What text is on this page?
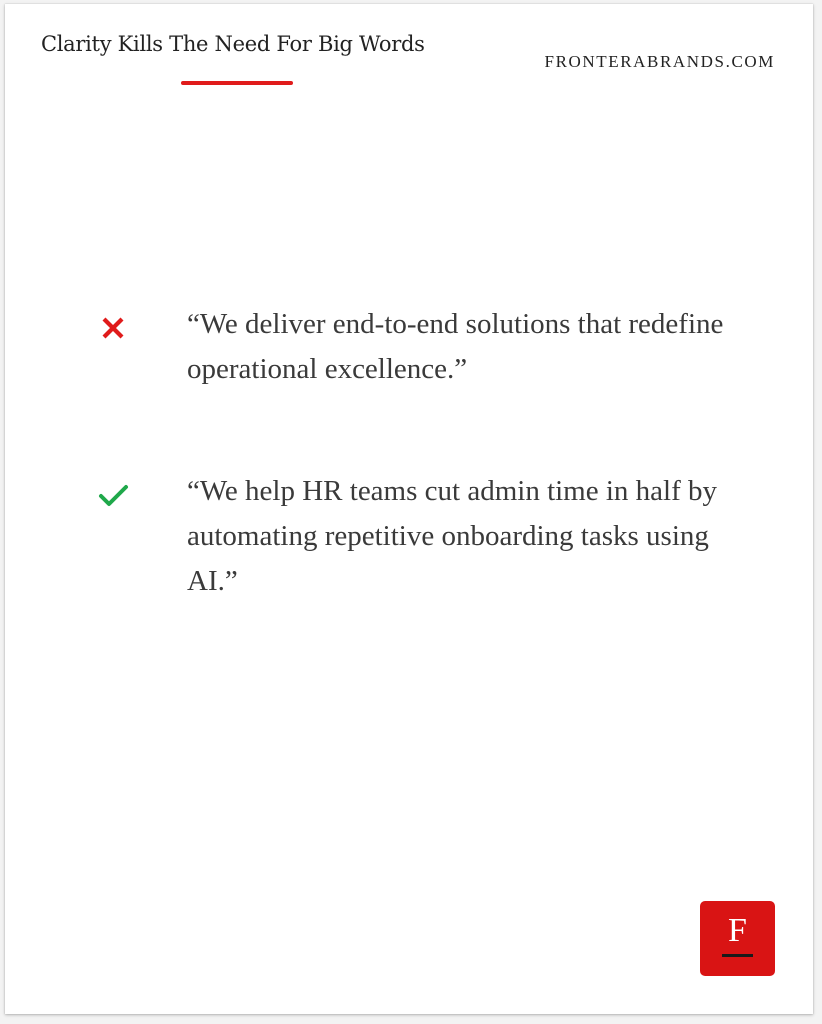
Clarity Kills The Need For Big Words
FRONTERABRANDS.COM
“We deliver end-to-end solutions that redefine operational excellence.”
“We help HR teams cut admin time in half by automating repetitive onboarding tasks using AI.”
F
